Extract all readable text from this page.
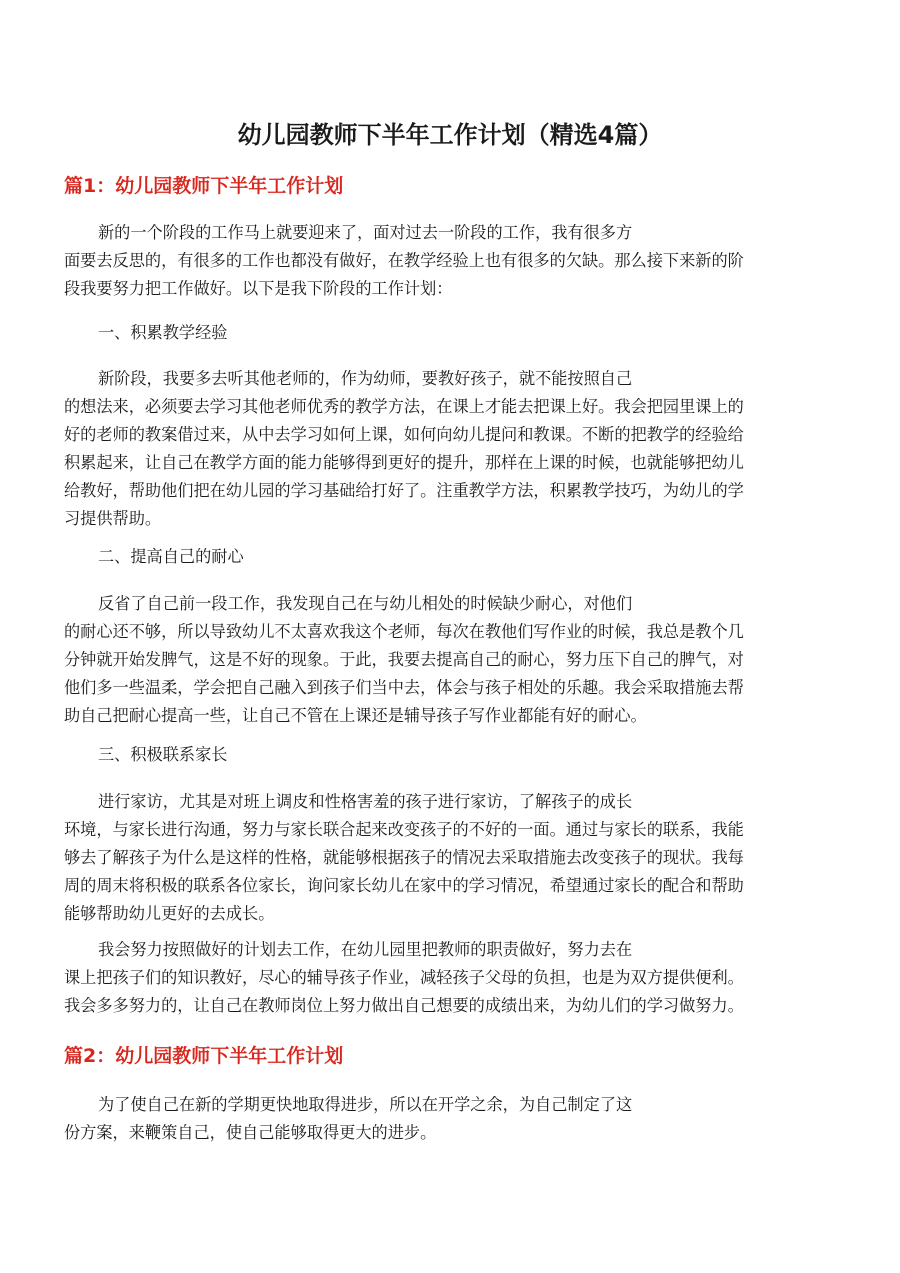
幼儿园教师下半年工作计划（精选4篇）
篇1：幼儿园教师下半年工作计划
新的一个阶段的工作马上就要迎来了，面对过去一阶段的工作，我有很多方
面要去反思的，有很多的工作也都没有做好，在教学经验上也有很多的欠缺。那么接下来新的阶
段我要努力把工作做好。以下是我下阶段的工作计划：
一、积累教学经验
新阶段，我要多去听其他老师的，作为幼师，要教好孩子，就不能按照自己
的想法来，必须要去学习其他老师优秀的教学方法，在课上才能去把课上好。我会把园里课上的
好的老师的教案借过来，从中去学习如何上课，如何向幼儿提问和教课。不断的把教学的经验给
积累起来，让自己在教学方面的能力能够得到更好的提升，那样在上课的时候，也就能够把幼儿
给教好，帮助他们把在幼儿园的学习基础给打好了。注重教学方法，积累教学技巧，为幼儿的学
习提供帮助。
二、提高自己的耐心
反省了自己前一段工作，我发现自己在与幼儿相处的时候缺少耐心，对他们
的耐心还不够，所以导致幼儿不太喜欢我这个老师，每次在教他们写作业的时候，我总是教个几
分钟就开始发脾气，这是不好的现象。于此，我要去提高自己的耐心，努力压下自己的脾气，对
他们多一些温柔，学会把自己融入到孩子们当中去，体会与孩子相处的乐趣。我会采取措施去帮
助自己把耐心提高一些，让自己不管在上课还是辅导孩子写作业都能有好的耐心。
三、积极联系家长
进行家访，尤其是对班上调皮和性格害羞的孩子进行家访，了解孩子的成长
环境，与家长进行沟通，努力与家长联合起来改变孩子的不好的一面。通过与家长的联系，我能
够去了解孩子为什么是这样的性格，就能够根据孩子的情况去采取措施去改变孩子的现状。我每
周的周末将积极的联系各位家长，询问家长幼儿在家中的学习情况，希望通过家长的配合和帮助
能够帮助幼儿更好的去成长。
我会努力按照做好的计划去工作，在幼儿园里把教师的职责做好，努力去在
课上把孩子们的知识教好，尽心的辅导孩子作业，减轻孩子父母的负担，也是为双方提供便利。
我会多多努力的，让自己在教师岗位上努力做出自己想要的成绩出来，为幼儿们的学习做努力。
篇2：幼儿园教师下半年工作计划
为了使自己在新的学期更快地取得进步，所以在开学之余，为自己制定了这
份方案，来鞭策自己，使自己能够取得更大的进步。
